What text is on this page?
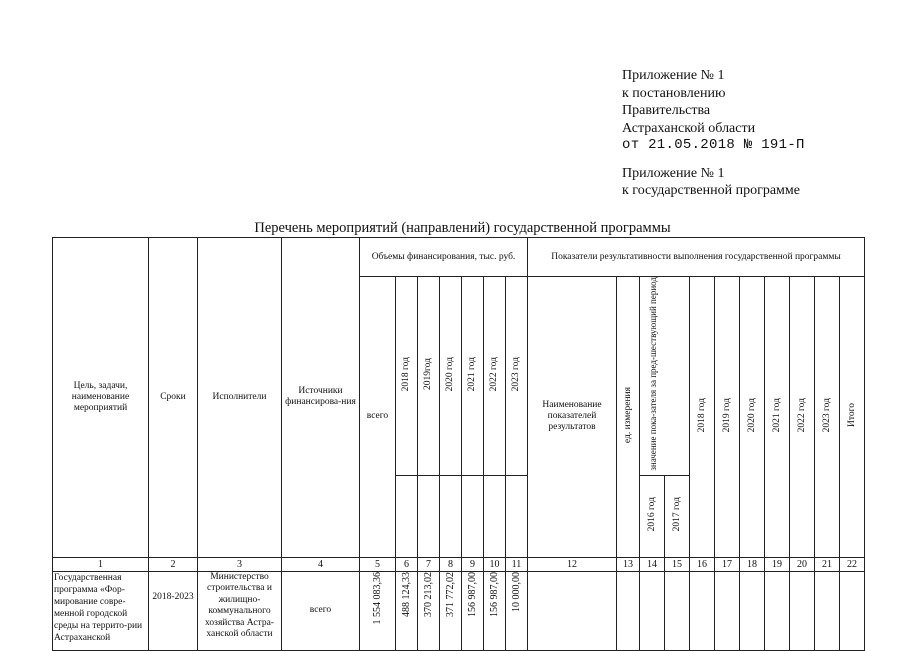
Приложение № 1
к постановлению
Правительства
Астраханской области
от 21.05.2018 № 191-П
Приложение № 1
к государственной программе
Перечень мероприятий (направлений) государственной программы
Цель, задачи, наименование мероприятий	Сроки	Исполнители	Источники финансирова-ния	Объемы финансирования, тыс. руб.							Показатели результативности выполнения государственной программы										
				всего	2018 год	2019год	2020 год	2021 год	2022 год	2023 год	Наименование показателей результатов	ед. измерения	значение пока-зателя за пред-шествующий период		2018 год	2019 год	2020 год	2021 год	2022 год	2023 год	Итого
													2016 год	2017 год							
1	2	3	4	5	6	7	8	9	10	11	12	13	14	15	16	17	18	19	20	21	22
Государственная программа «Фор-мирование совре-менной городской среды на террито-рии Астраханской	2018-2023	Министерство строительства и жилищно-коммунального хозяйства Астра-ханской области	всего	1 554 083,36	488 124,33	370 213,02	371 772,02	156 987,00	156 987,00	10 000,00											
